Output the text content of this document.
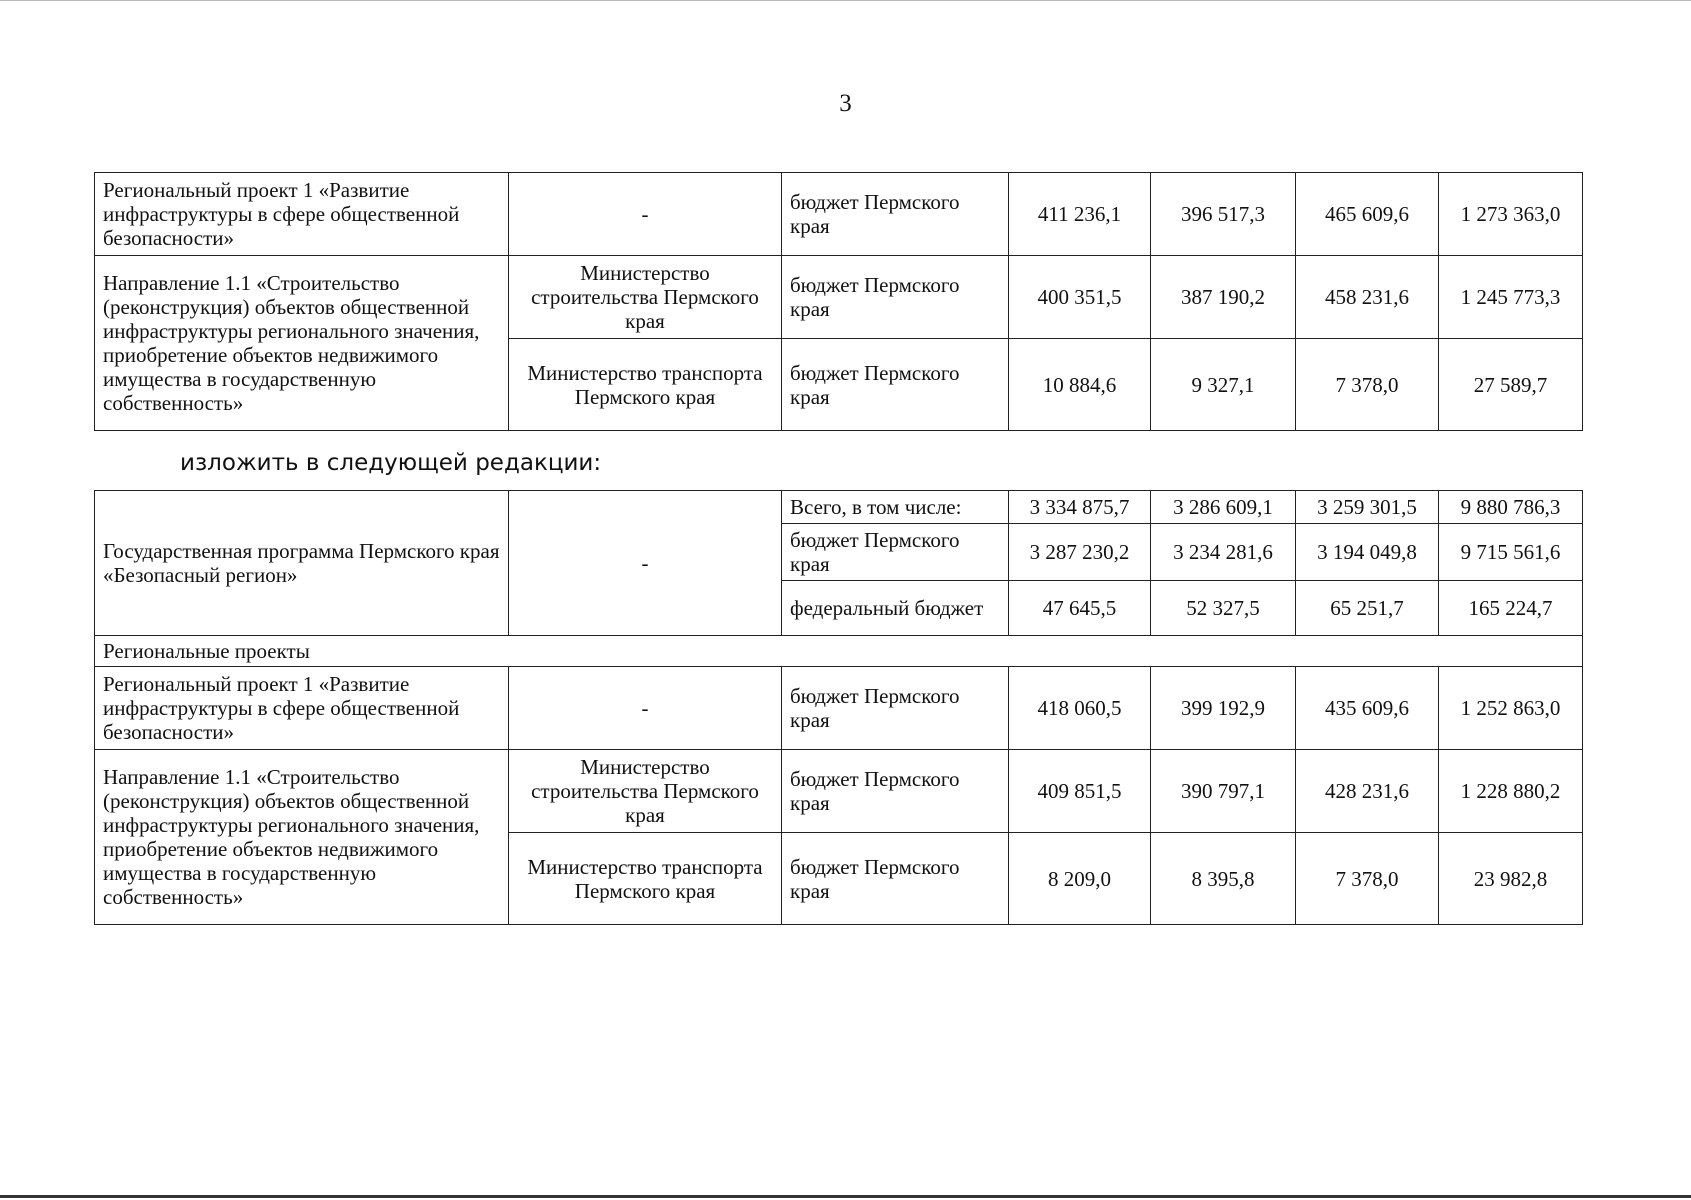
3
Региональный проект 1 «Развитие инфраструктуры в сфере общественной безопасности»	-	бюджет Пермского края	411 236,1	396 517,3	465 609,6	1 273 363,0
Направление 1.1 «Строительство (реконструкция) объектов общественной инфраструктуры регионального значения, приобретение объектов недвижимого имущества в государственную собственность»	Министерство строительства Пермского края	бюджет Пермского края	400 351,5	387 190,2	458 231,6	1 245 773,3
	Министерство транспорта Пермского края	бюджет Пермского края	10 884,6	9 327,1	7 378,0	27 589,7
изложить в следующей редакции:
Государственная программа Пермского края «Безопасный регион»	-	Всего, в том числе:	3 334 875,7	3 286 609,1	3 259 301,5	9 880 786,3
		бюджет Пермского края	3 287 230,2	3 234 281,6	3 194 049,8	9 715 561,6
		федеральный бюджет	47 645,5	52 327,5	65 251,7	165 224,7
Региональные проекты						
Региональный проект 1 «Развитие инфраструктуры в сфере общественной безопасности»	-	бюджет Пермского края	418 060,5	399 192,9	435 609,6	1 252 863,0
Направление 1.1 «Строительство (реконструкция) объектов общественной инфраструктуры регионального значения, приобретение объектов недвижимого имущества в государственную собственность»	Министерство строительства Пермского края	бюджет Пермского края	409 851,5	390 797,1	428 231,6	1 228 880,2
	Министерство транспорта Пермского края	бюджет Пермского края	8 209,0	8 395,8	7 378,0	23 982,8
